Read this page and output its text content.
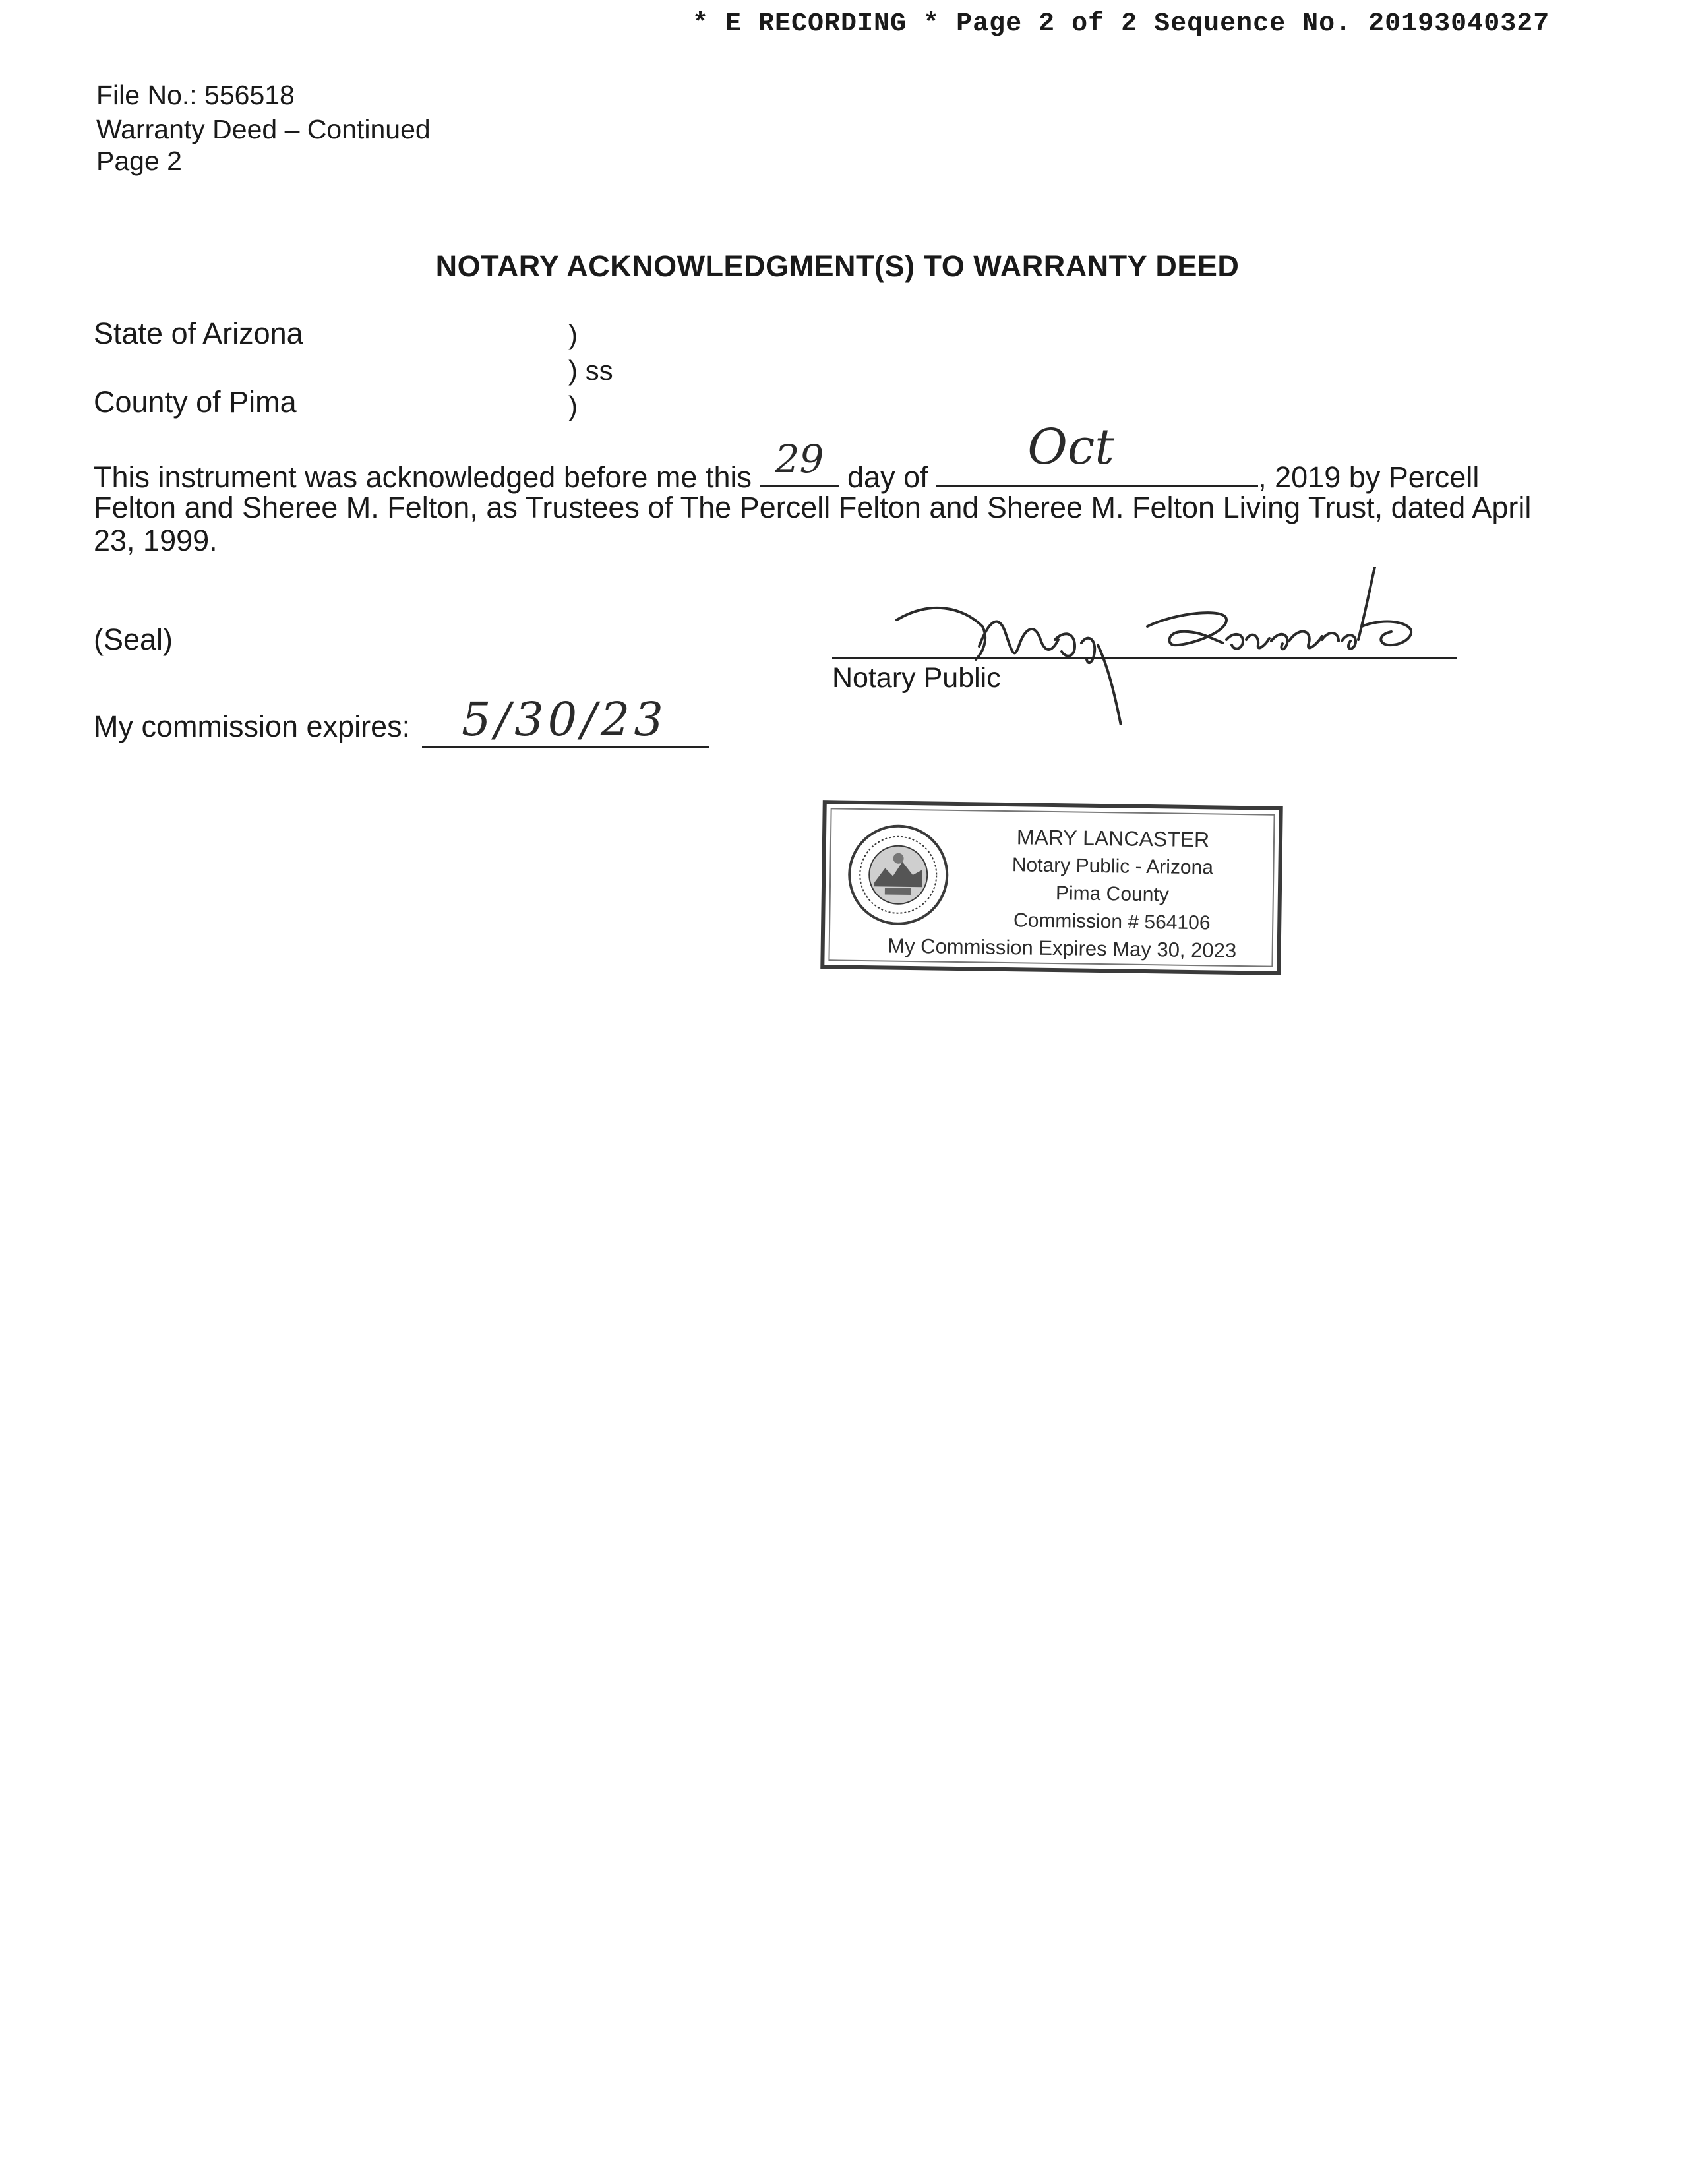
* E RECORDING * Page 2 of 2 Sequence No. 20193040327
File No.: 556518
Warranty Deed – Continued
Page 2
NOTARY ACKNOWLEDGMENT(S) TO WARRANTY DEED
State of Arizona
County of Pima
)
) ss
)
This instrument was acknowledged before me this 29 day of
Oct
, 2019 by Percell
Felton and Sheree M. Felton, as Trustees of The Percell Felton and Sheree M. Felton Living Trust, dated April
23, 1999.
(Seal)
Notary Public
My commission expires: 5/30/23
MARY LANCASTER
Notary Public - Arizona
Pima County
Commission # 564106
My Commission Expires May 30, 2023
